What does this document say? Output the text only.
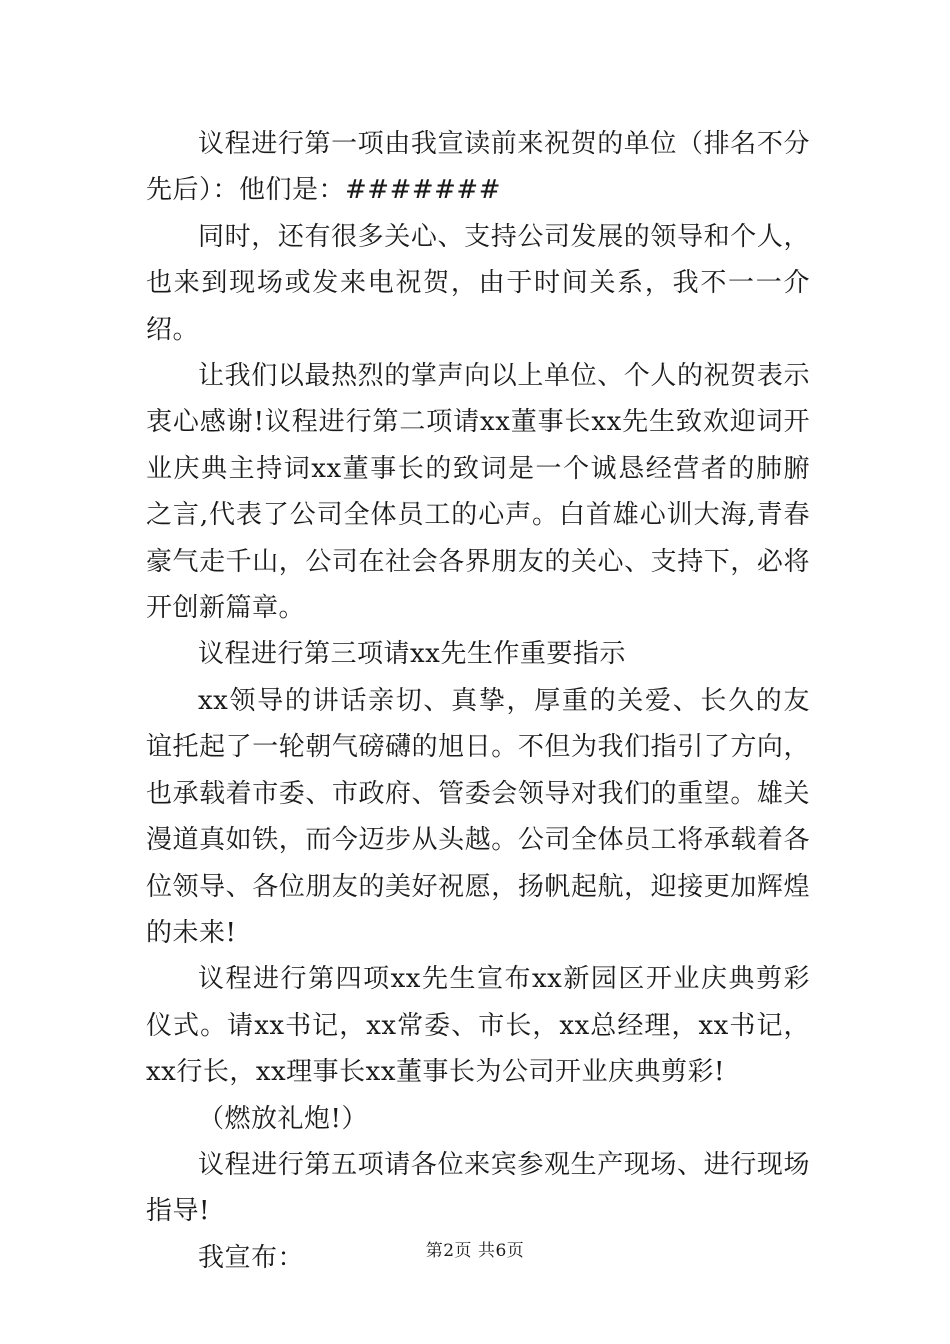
议程进行第一项由我宣读前来祝贺的单位（排名不分先后）：他们是：#######

同时，还有很多关心、支持公司发展的领导和个人，也来到现场或发来电祝贺，由于时间关系，我不一一介绍。

让我们以最热烈的掌声向以上单位、个人的祝贺表示衷心感谢!议程进行第二项请xx董事长xx先生致欢迎词开业庆典主持词xx董事长的致词是一个诚恳经营者的肺腑之言,代表了公司全体员工的心声。白首雄心训大海,青春豪气走千山，公司在社会各界朋友的关心、支持下，必将开创新篇章。

议程进行第三项请xx先生作重要指示

xx领导的讲话亲切、真挚，厚重的关爱、长久的友谊托起了一轮朝气磅礴的旭日。不但为我们指引了方向，也承载着市委、市政府、管委会领导对我们的重望。雄关漫道真如铁，而今迈步从头越。公司全体员工将承载着各位领导、各位朋友的美好祝愿，扬帆起航，迎接更加辉煌的未来!

议程进行第四项xx先生宣布xx新园区开业庆典剪彩仪式。请xx书记，xx常委、市长，xx总经理，xx书记，xx行长，xx理事长xx董事长为公司开业庆典剪彩!

（燃放礼炮!）

议程进行第五项请各位来宾参观生产现场、进行现场指导!

我宣布：	第2页 共6页
